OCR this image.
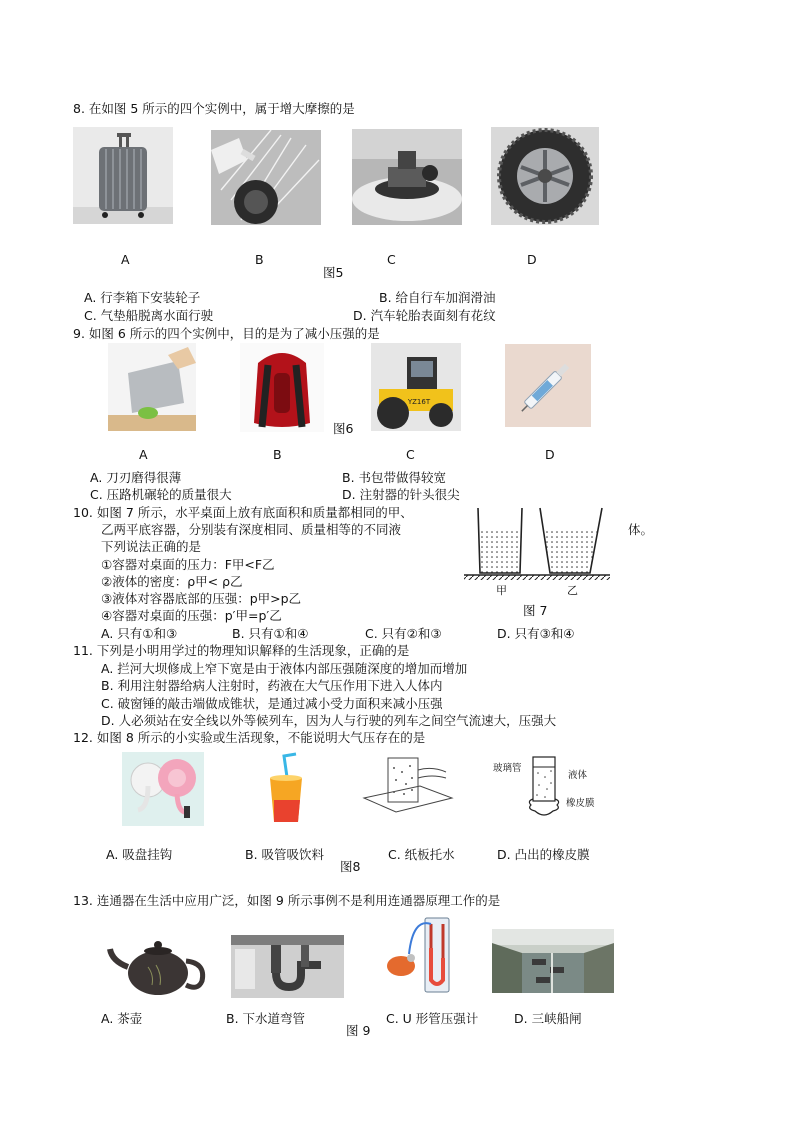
8. 在如图 5 所示的四个实例中，属于增大摩擦的是
A	B	C	D
图5
A. 行李箱下安装轮子	B. 给自行车加润滑油
C. 气垫船脱离水面行驶	D. 汽车轮胎表面刻有花纹
9. 如图 6 所示的四个实例中，目的是为了减小压强的是
YZ16T
A	B	C	D
图6
A. 刀刃磨得很薄	B. 书包带做得较宽
C. 压路机碾轮的质量很大	D. 注射器的针头很尖
10. 如图 7 所示，水平桌面上放有底面积和质量都相同的甲、
乙两平底容器，分别装有深度相同、质量相等的不同液	体。
下列说法正确的是
①容器对桌面的压力：F甲<F乙
②液体的密度：ρ甲< ρ乙
③液体对容器底部的压强：p甲>p乙
④容器对桌面的压强：p′甲=p′乙
甲	乙
图 7
A. 只有①和③	B. 只有①和④	C. 只有②和③	D. 只有③和④
11. 下列是小明用学过的物理知识解释的生活现象，正确的是
A. 拦河大坝修成上窄下宽是由于液体内部压强随深度的增加而增加
B. 利用注射器给病人注射时，药液在大气压作用下进入人体内
C. 破窗锤的敲击端做成锥状，是通过减小受力面积来减小压强
D. 人必须站在安全线以外等候列车，因为人与行驶的列车之间空气流速大，压强大
12. 如图 8 所示的小实验或生活现象，不能说明大气压存在的是
玻璃管
液体
橡皮膜
A. 吸盘挂钩	B. 吸管吸饮料
图8
C. 纸板托水	D. 凸出的橡皮膜
13. 连通器在生活中应用广泛，如图 9 所示事例不是利用连通器原理工作的是
A. 茶壶	B. 下水道弯管
图 9
C. U 形管压强计	D. 三峡船闸
